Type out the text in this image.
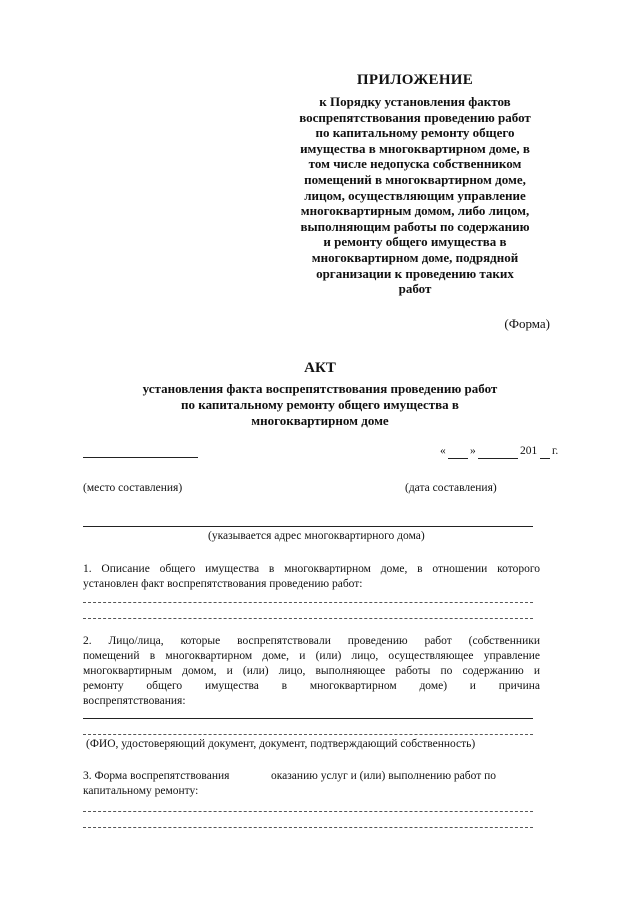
ПРИЛОЖЕНИЕ
к Порядку установления фактов
воспрепятствования проведению работ
по капитальному ремонту общего
имущества в многоквартирном доме, в
том числе недопуска собственником
помещений в многоквартирном доме,
лицом, осуществляющим управление
многоквартирным домом, либо лицом,
выполняющим работы по содержанию
и ремонту общего имущества в
многоквартирном доме, подрядной
организации к проведению таких
работ
(Форма)
АКТ
установления факта воспрепятствования проведению работ
по капитальному ремонту общего имущества в
многоквартирном доме
« »	201 г.
(место составления)	(дата составления)
(указывается адрес многоквартирного дома)
1. Описание общего имущества в многоквартирном доме, в отношении которого
установлен факт воспрепятствования проведению работ:
2. Лицо/лица, которые воспрепятствовали проведению работ (собственники
помещений в многоквартирном доме, и (или) лицо, осуществляющее управление
многоквартирным домом, и (или) лицо, выполняющее работы по содержанию и
ремонту общего имущества в многоквартирном доме) и причина
воспрепятствования:
(ФИО, удостоверяющий документ, документ, подтверждающий собственность)
3. Форма воспрепятствования	оказанию услуг и (или) выполнению работ по
капитальному ремонту:
